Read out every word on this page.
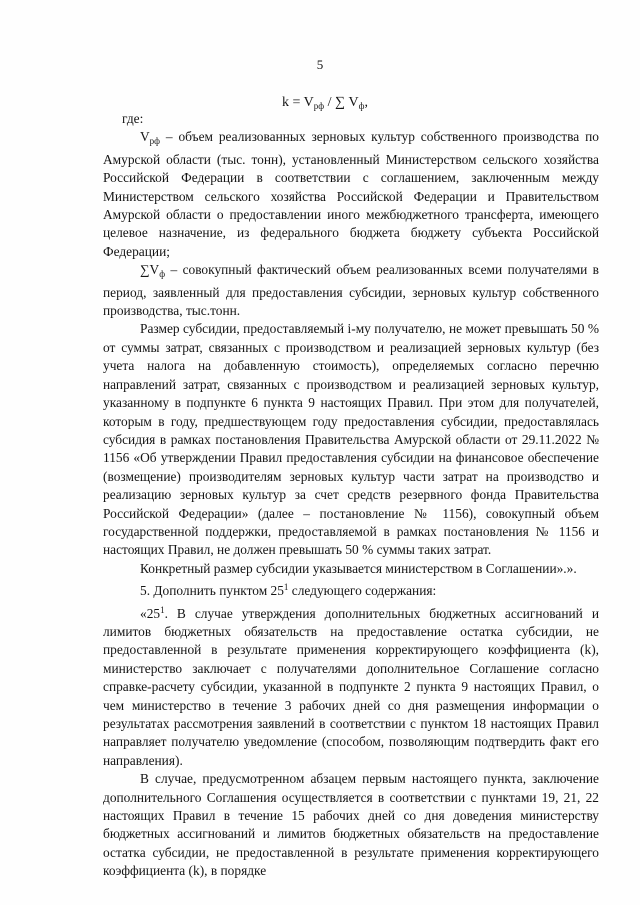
5
$k = V_{рф}$ / ∑ $V_ф$,

где:

$V_{рф}$ – объем реализованных зерновых культур собственного производства по Амурской области (тыс. тонн), установленный Министерством сельского хозяйства Российской Федерации в соответствии с соглашением, заключенным между Министерством сельского хозяйства Российской Федерации и Правительством Амурской области о предоставлении иного межбюджетного трансферта, имеющего целевое назначение, из федерального бюджета бюджету субъекта Российской Федерации;

$\sum V_ф$ – совокупный фактический объем реализованных всеми получателями в период, заявленный для предоставления субсидии, зерновых культур собственного производства, тыс.тонн.

Размер субсидии, предоставляемый i-му получателю, не может превышать 50 % от суммы затрат, связанных с производством и реализацией зерновых культур (без учета налога на добавленную стоимость), определяемых согласно перечню направлений затрат, связанных с производством и реализацией зерновых культур, указанному в подпункте 6 пункта 9 настоящих Правил. При этом для получателей, которым в году, предшествующем году предоставления субсидии, предоставлялась субсидия в рамках постановления Правительства Амурской области от 29.11.2022 № 1156 «Об утверждении Правил предоставления субсидии на финансовое обеспечение (возмещение) производителям зерновых культур части затрат на производство и реализацию зерновых культур за счет средств резервного фонда Правительства Российской Федерации» (далее – постановление № 1156), совокупный объем государственной поддержки, предоставляемой в рамках постановления № 1156 и настоящих Правил, не должен превышать 50 % суммы таких затрат.

Конкретный размер субсидии указывается министерством в Соглашении».».

5. Дополнить пунктом $25^1$ следующего содержания:

«$25^1$. В случае утверждения дополнительных бюджетных ассигнований и лимитов бюджетных обязательств на предоставление остатка субсидии, не предоставленной в результате применения корректирующего коэффициента (k), министерство заключает с получателями дополнительное Соглашение согласно справке-расчету субсидии, указанной в подпункте 2 пункта 9 настоящих Правил, о чем министерство в течение 3 рабочих дней со дня размещения информации о результатах рассмотрения заявлений в соответствии с пунктом 18 настоящих Правил направляет получателю уведомление (способом, позволяющим подтвердить факт его направления).

В случае, предусмотренном абзацем первым настоящего пункта, заключение дополнительного Соглашения осуществляется в соответствии с пунктами 19, 21, 22 настоящих Правил в течение 15 рабочих дней со дня доведения министерству бюджетных ассигнований и лимитов бюджетных обязательств на предоставление остатка субсидии, не предоставленной в результате применения корректирующего коэффициента (k), в порядке
